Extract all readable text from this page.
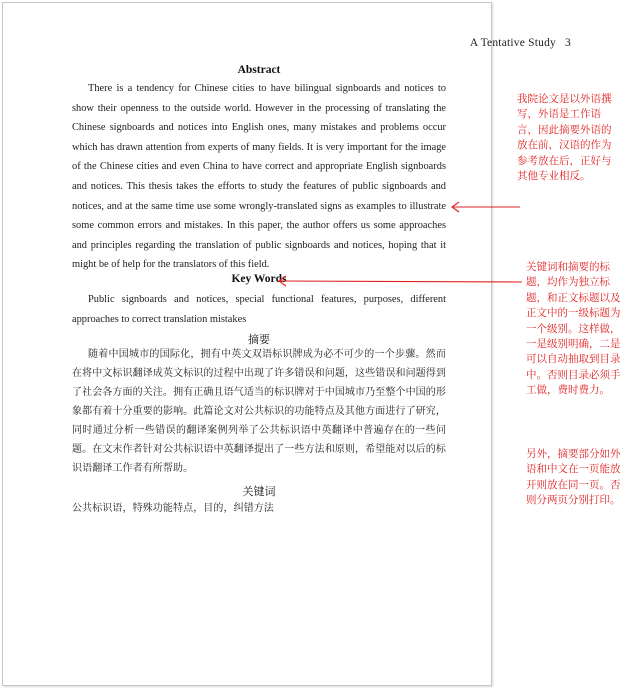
A Tentative Study 3
Abstract

There is a tendency for Chinese cities to have bilingual signboards and notices to show their openness to the outside world. However in the processing of translating the Chinese signboards and notices into English ones, many mistakes and problems occur which has drawn attention from experts of many fields. It is very important for the image of the Chinese cities and even China to have correct and appropriate English signboards and notices. This thesis takes the efforts to study the features of public signboards and notices, and at the same time use some wrongly-translated signs as examples to illustrate some common errors and mistakes. In this paper, the author offers us some approaches and principles regarding the translation of public signboards and notices, hoping that it might be of help for the translators of this field.

Key Words

Public signboards and notices, special functional features, purposes, different approaches to correct translation mistakes

摘要

随着中国城市的国际化，拥有中英文双语标识牌成为必不可少的一个步骤。然而在将中文标识翻译成英文标识的过程中出现了许多错误和问题，这些错误和问题得到了社会各方面的关注。拥有正确且语气适当的标识牌对于中国城市乃至整个中国的形象都有着十分重要的影响。此篇论文对公共标识的功能特点及其他方面进行了研究，同时通过分析一些错误的翻译案例列举了公共标识语中英翻译中普遍存在的一些问题。在文末作者针对公共标识语中英翻译提出了一些方法和原则，希望能对以后的标识语翻译工作者有所帮助。

关键词

公共标识语，特殊功能特点，目的，纠错方法

我院论文是以外语撰写，外语是工作语言，因此摘要外语的放在前，汉语的作为参考放在后，正好与其他专业相反。

关键词和摘要的标题，均作为独立标题，和正文标题以及正文中的一级标题为一个级别。这样做，一是级别明确，二是可以自动抽取到目录中。否则目录必须手工做，费时费力。

另外，摘要部分如外语和中文在一页能放开则放在同一页。否则分两页分别打印。
